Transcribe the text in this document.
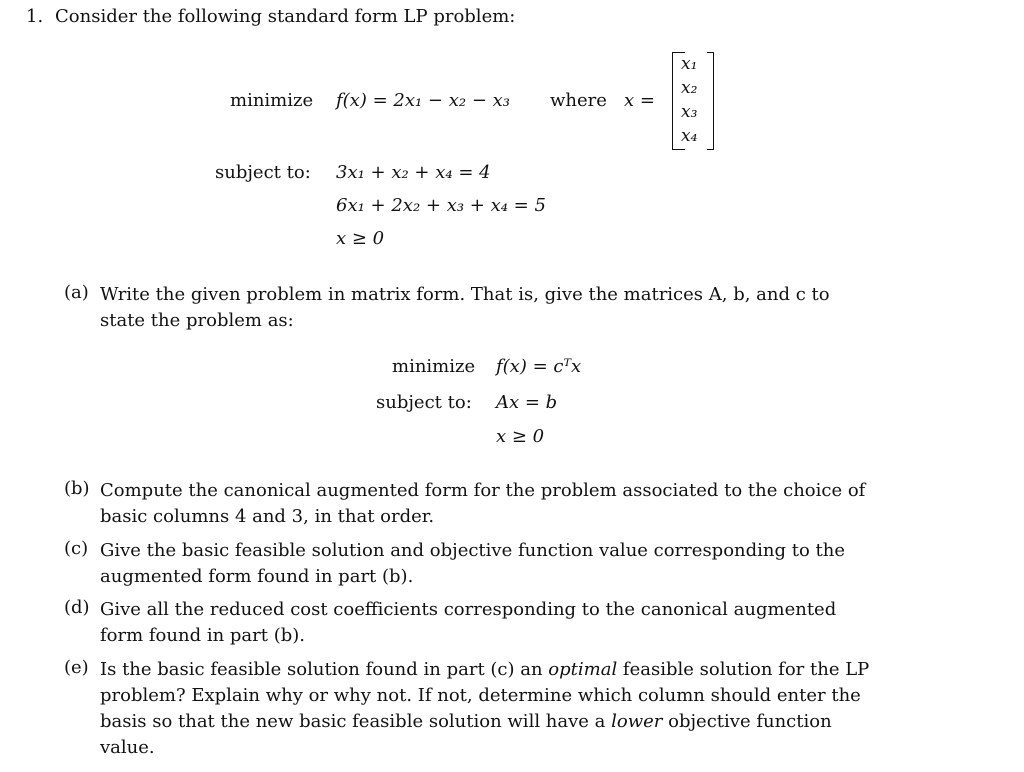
1. Consider the following standard form LP problem:
minimize f(x) = 2x₁ − x₂ − x₃ where x =
x₁
x₂
x₃
x₄
subject to: 3x₁ + x₂ + x₄ = 4
6x₁ + 2x₂ + x₃ + x₄ = 5
x ≥ 0
(a) Write the given problem in matrix form. That is, give the matrices A, b, and c to state the problem as:
minimize f(x) = cᵀx
subject to: Ax = b
x ≥ 0
(b) Compute the canonical augmented form for the problem associated to the choice of basic columns 4 and 3, in that order.
(c) Give the basic feasible solution and objective function value corresponding to the augmented form found in part (b).
(d) Give all the reduced cost coefficients corresponding to the canonical augmented form found in part (b).
(e) Is the basic feasible solution found in part (c) an optimal feasible solution for the LP problem? Explain why or why not. If not, determine which column should enter the basis so that the new basic feasible solution will have a lower objective function value.
